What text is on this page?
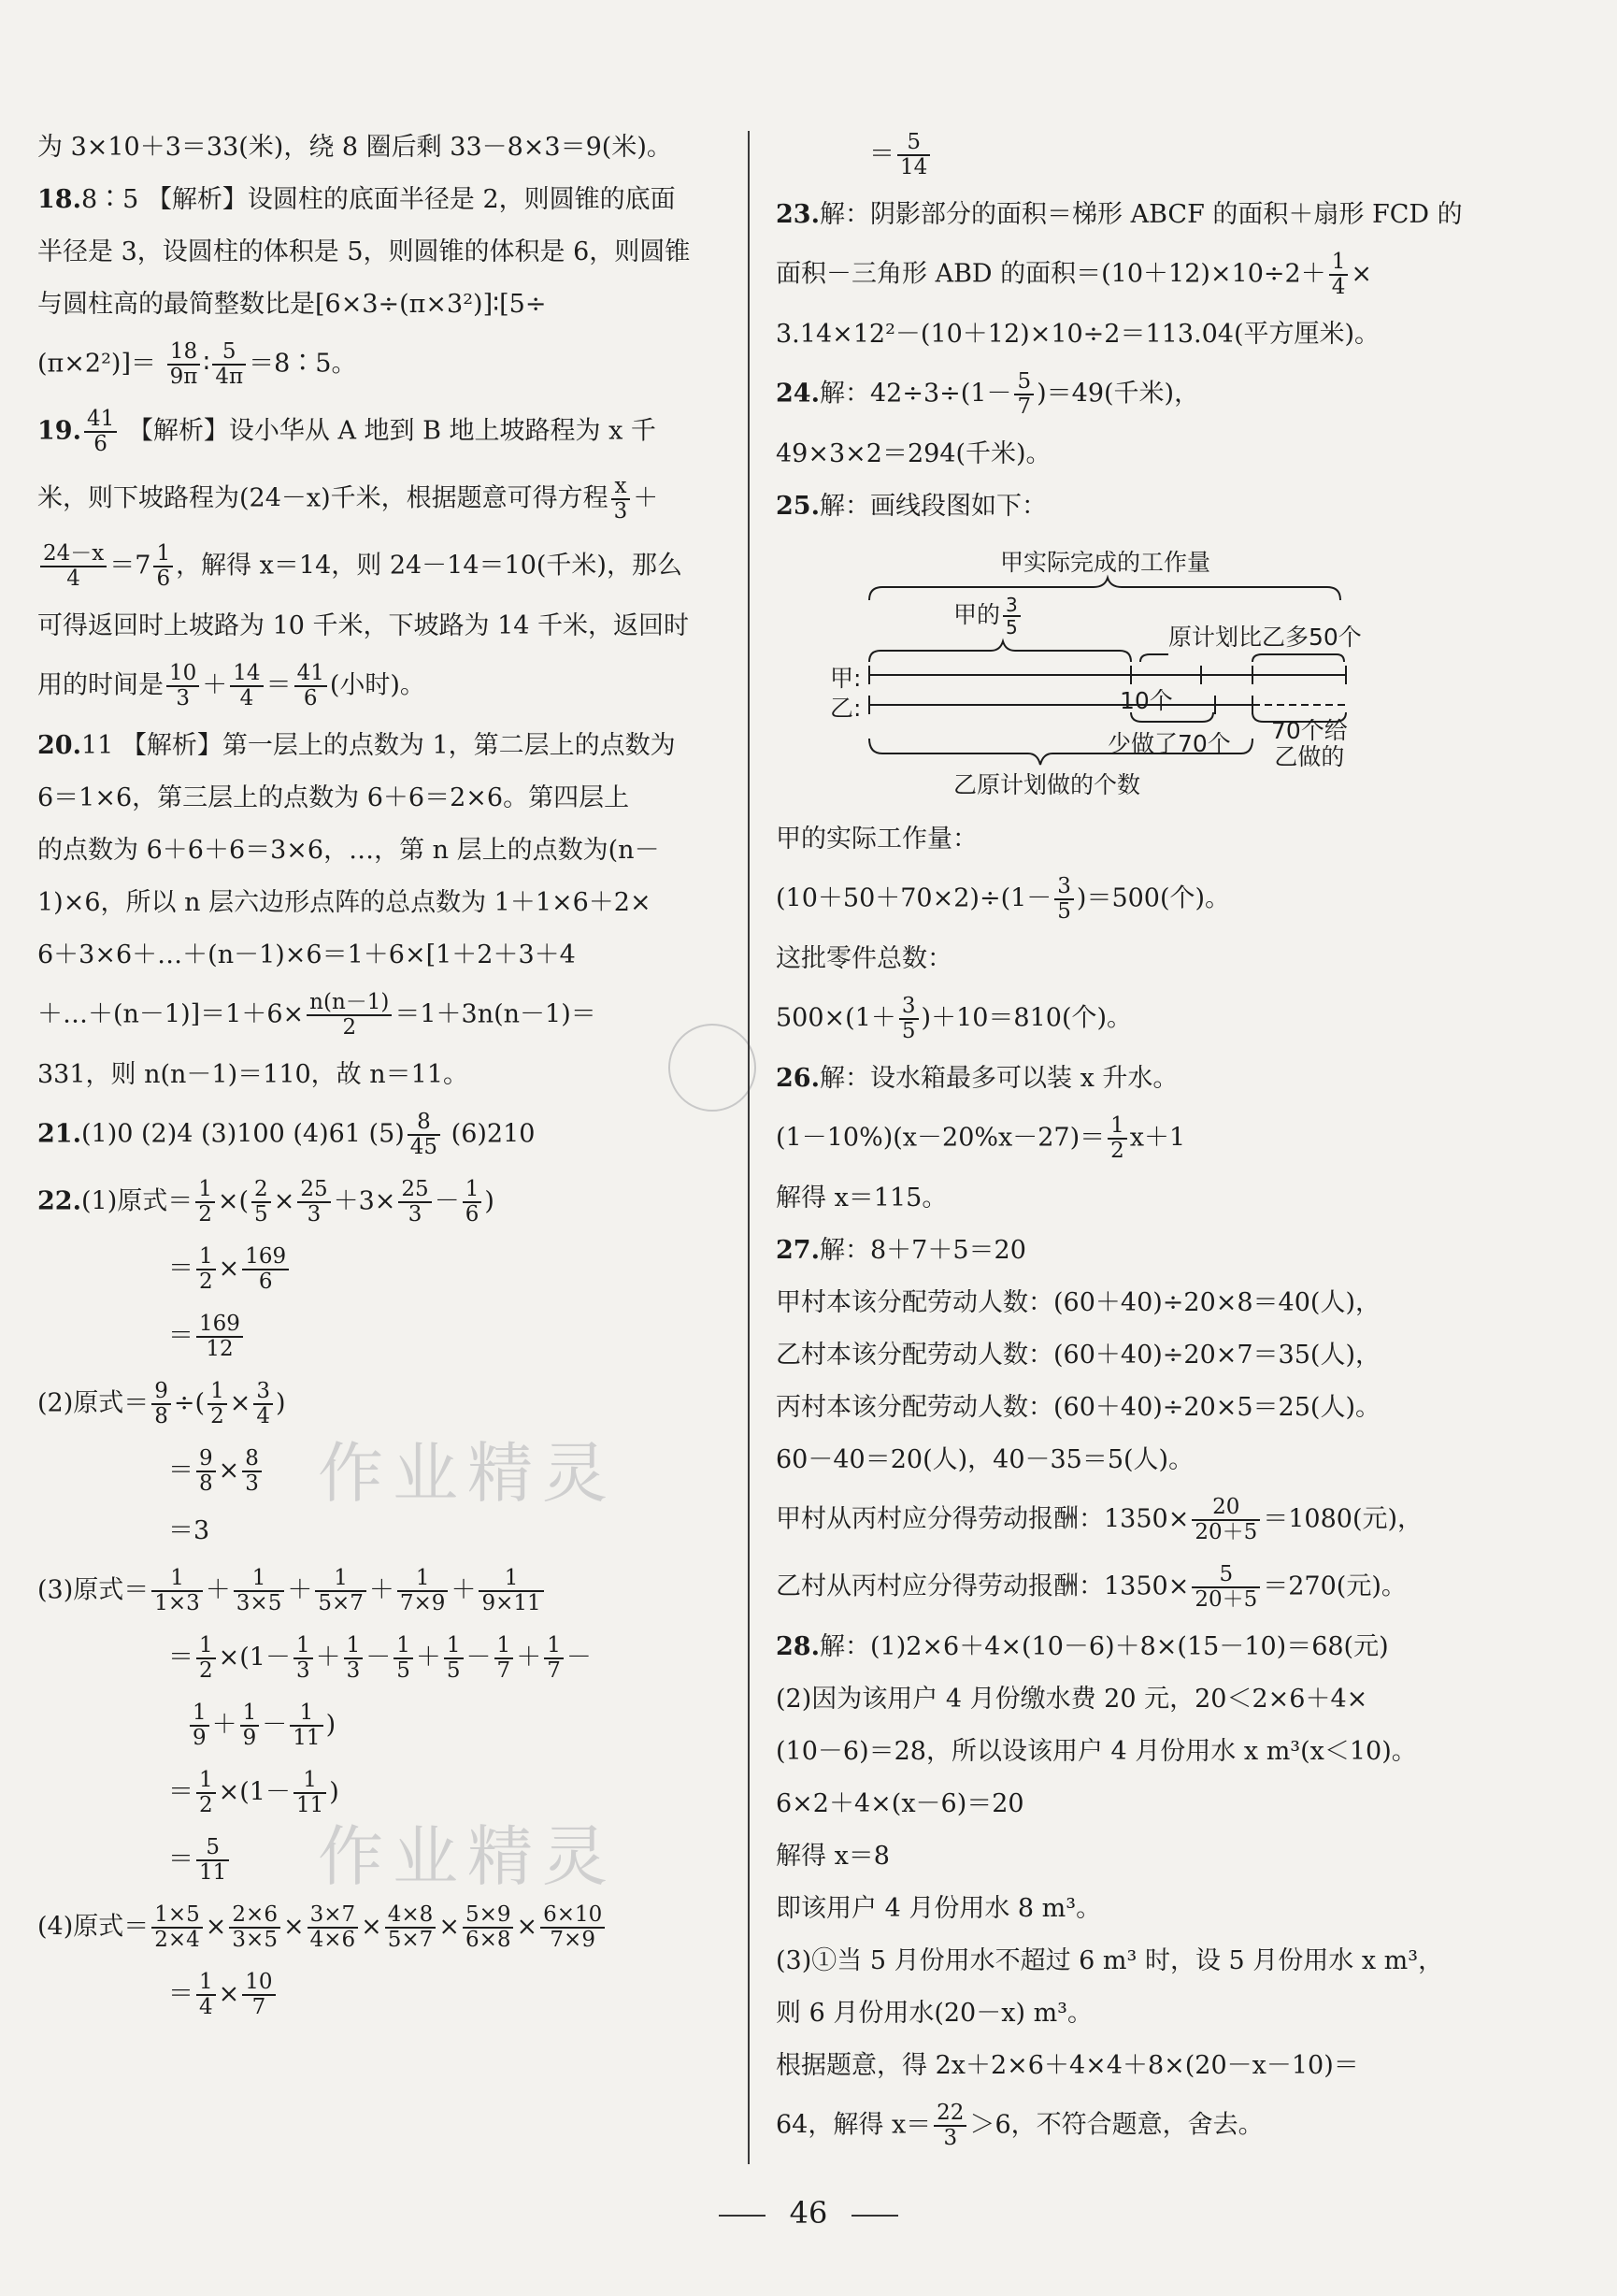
作业精灵
作业精灵
为 3×10＋3＝33(米)，绕 8 圈后剩 33－8×3＝9(米)。
18.8∶5 【解析】设圆柱的底面半径是 2，则圆锥的底面
半径是 3，设圆柱的体积是 5，则圆锥的体积是 6，则圆锥
与圆柱高的最简整数比是[6×3÷(π×3²)]∶[5÷
$(\pi\times 2^2)]= \frac{18}{9\pi}$ ∶ $\frac{5}{4\pi}$ ＝8∶5。
19. $\frac{41}{6}$ 【解析】设小华从 A 地到 B 地上坡路程为 x 千
米，则下坡路程为(24－x)千米，根据题意可得方程 $\frac{x}{3}$ ＋
$\frac{24-x}{4} =7 \frac{1}{6}$ ，解得 x＝14，则 24－14＝10(千米)，那么
可得返回时上坡路为 10 千米，下坡路为 14 千米，返回时
用的时间是 $\frac{10}{3} + \frac{14}{4} = \frac{41}{6}$ (小时)。
20.11 【解析】第一层上的点数为 1，第二层上的点数为
6＝1×6，第三层上的点数为 6＋6＝2×6。第四层上
的点数为 6＋6＋6＝3×6，…，第 n 层上的点数为(n－
1)×6，所以 n 层六边形点阵的总点数为 1＋1×6＋2×
6＋3×6＋…＋(n－1)×6＝1＋6×[1＋2＋3＋4
＋…＋(n－1)]＝1＋6× $\frac{n(n-1)}{2} =1+3n(n-1)=$
331，则 n(n－1)＝110，故 n＝11。
21.(1)0 (2)4 (3)100 (4)61 $(5) \frac{8}{45} (6)210$
22.(1)原式＝ $\frac{1}{2}$ ×( $\frac{2}{5} \times \frac{25}{3} +3\times \frac{25}{3} - \frac{1}{6}$ )
＝ $\frac{1}{2} \times \frac{169}{6}$
＝ $\frac{169}{12}$
(2)原式＝ $\frac{9}{8}$ ÷( $\frac{1}{2} \times \frac{3}{4}$ )
＝ $\frac{9}{8} \times \frac{8}{3}$
＝3
(3)原式＝ $\frac{1}{1\times 3} + \frac{1}{3\times 5} + \frac{1}{5\times 7} + \frac{1}{7\times 9} + \frac{1}{9\times 11}$
＝ $\frac{1}{2} \times(1- \frac{1}{3} + \frac{1}{3} - \frac{1}{5} + \frac{1}{5} - \frac{1}{7} + \frac{1}{7}$ －
$\frac{1}{9} + \frac{1}{9} - \frac{1}{11}$ )
＝ $\frac{1}{2} \times(1- \frac{1}{11}$ )
＝ $\frac{5}{11}$
(4)原式＝ $\frac{1\times 5}{2\times 4} \times \frac{2\times 6}{3\times 5} \times \frac{3\times 7}{4\times 6} \times \frac{4\times 8}{5\times 7} \times \frac{5\times 9}{6\times 8} \times \frac{6\times 10}{7\times 9}$
＝ $\frac{1}{4} \times \frac{10}{7}$
＝ $\frac{5}{14}$
23.解：阴影部分的面积＝梯形 ABCF 的面积＋扇形 FCD 的
面积－三角形 ABD 的面积$=(10+12)\times 10\div 2+ \frac{1}{4}$ ×
3.14×12²－(10＋12)×10÷2＝113.04(平方厘米)。
24.解：$42\div 3\div(1- \frac{5}{7} )=49$(千米)，
49×3×2＝294(千米)。
25.解：画线段图如下：
甲实际完成的工作量
甲的 $\frac{3}{5}$	原计划比乙多50个
甲:
乙:	10个
少做了70个 70个给
乙做的
乙原计划做的个数
甲的实际工作量：
$(10+50+70\times 2)\div(1- \frac{3}{5} )=500$(个)。
这批零件总数：
$500\times(1+ \frac{3}{5} )+10=810$(个)。
26.解：设水箱最多可以装 x 升水。
$(1-10\%)(x-20\%x-27)= \frac{1}{2} x+1$
解得 x＝115。
27.解：8＋7＋5＝20
甲村本该分配劳动人数：(60＋40)÷20×8＝40(人)，
乙村本该分配劳动人数：(60＋40)÷20×7＝35(人)，
丙村本该分配劳动人数：(60＋40)÷20×5＝25(人)。
60－40＝20(人)，40－35＝5(人)。
甲村从丙村应分得劳动报酬：$1350\times \frac{20}{20+5} =1080$(元)，
乙村从丙村应分得劳动报酬：$1350\times \frac{5}{20+5} =270$(元)。
28.解：(1)2×6＋4×(10－6)＋8×(15－10)＝68(元)
(2)因为该用户 4 月份缴水费 20 元，20＜2×6＋4×
(10－6)＝28，所以设该用户 4 月份用水 x m³(x＜10)。
6×2＋4×(x－6)＝20
解得 x＝8
即该用户 4 月份用水 8 m³。
(3)①当 5 月份用水不超过 6 m³ 时，设 5 月份用水 x m³，
则 6 月份用水(20－x) m³。
根据题意，得 2x＋2×6＋4×4＋8×(20－x－10)＝
64，解得 $x= \frac{22}{3} >6$，不符合题意，舍去。
46
